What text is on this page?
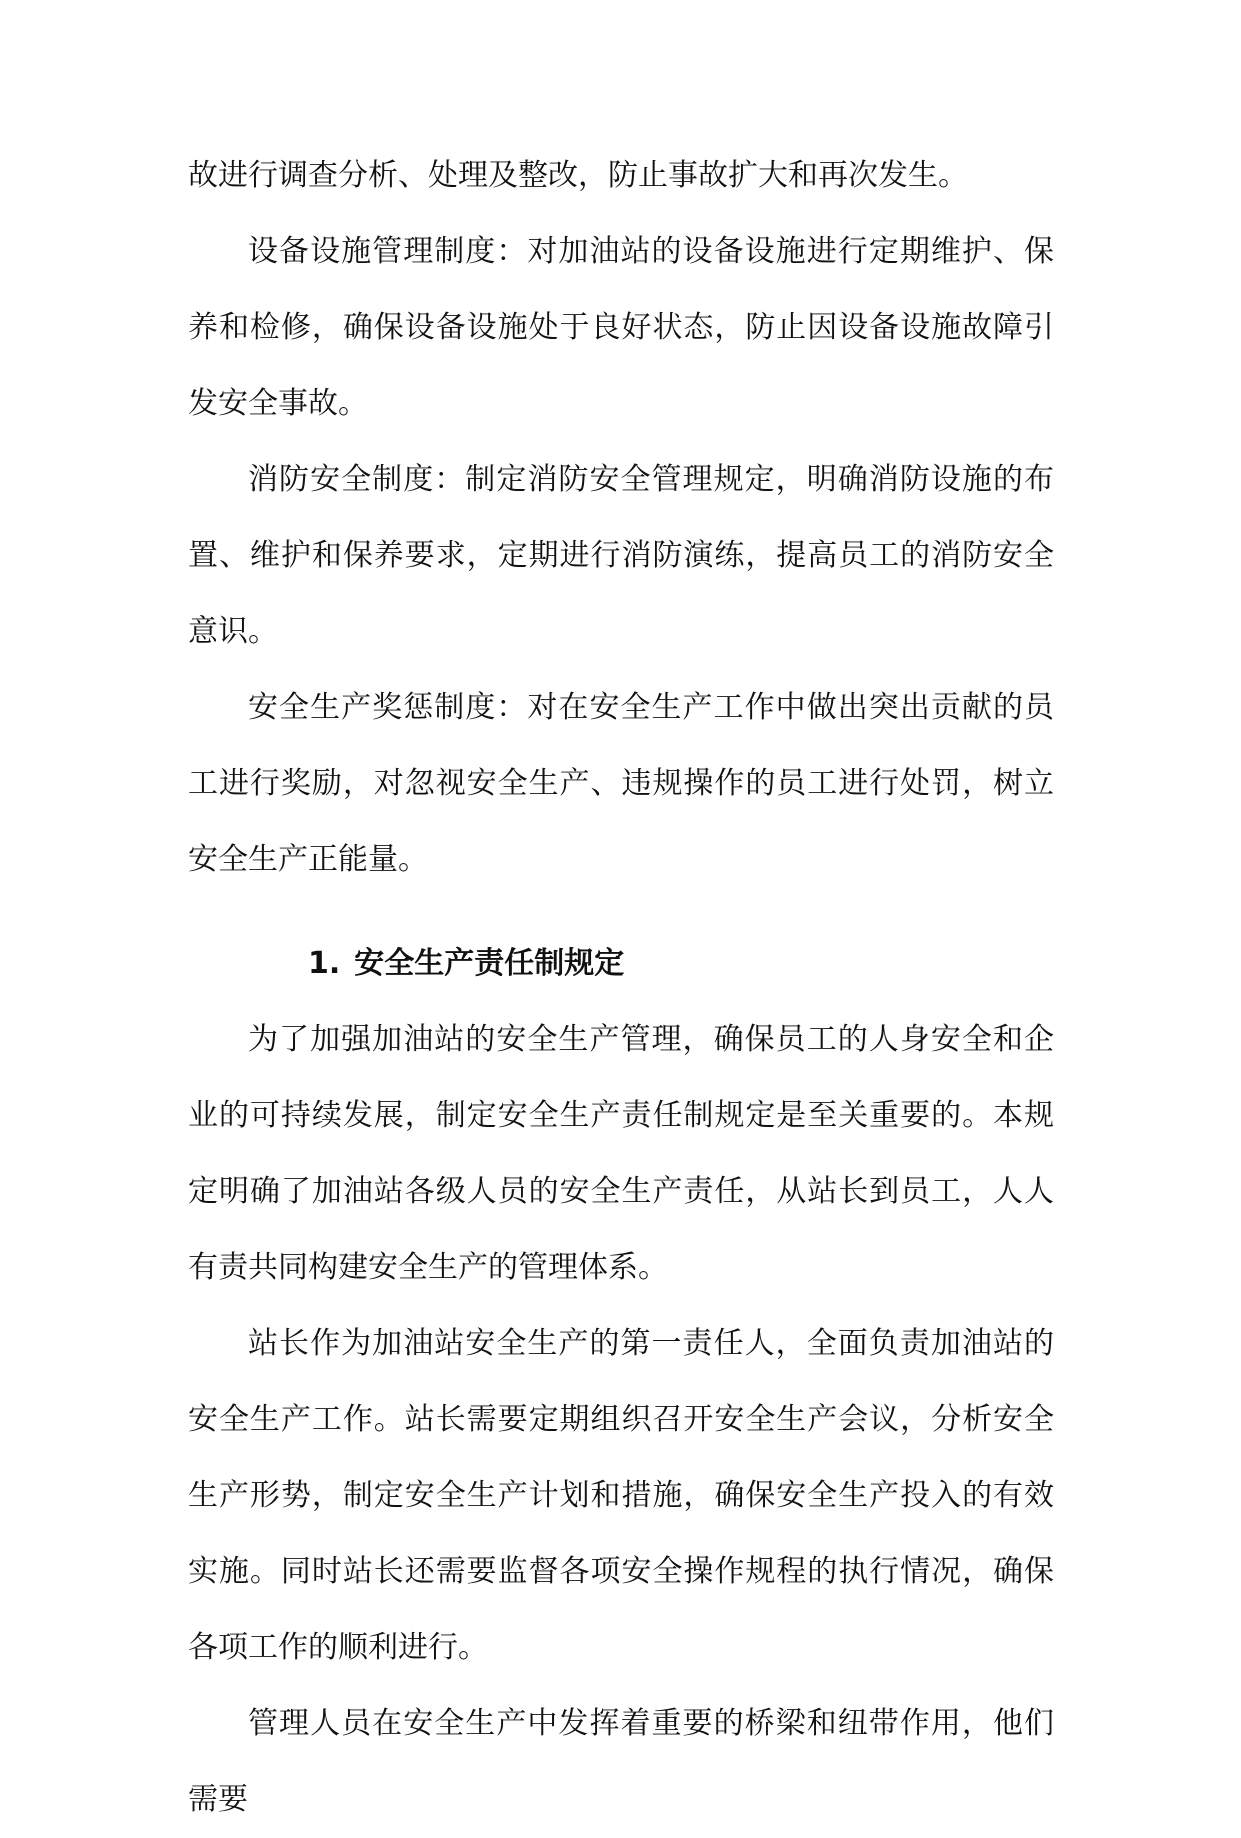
故进行调查分析、处理及整改，防止事故扩大和再次发生。

设备设施管理制度：对加油站的设备设施进行定期维护、保养和检修，确保设备设施处于良好状态，防止因设备设施故障引发安全事故。

消防安全制度：制定消防安全管理规定，明确消防设施的布置、维护和保养要求，定期进行消防演练，提高员工的消防安全意识。

安全生产奖惩制度：对在安全生产工作中做出突出贡献的员工进行奖励，对忽视安全生产、违规操作的员工进行处罚，树立安全生产正能量。

1. 安全生产责任制规定

为了加强加油站的安全生产管理，确保员工的人身安全和企业的可持续发展，制定安全生产责任制规定是至关重要的。本规定明确了加油站各级人员的安全生产责任，从站长到员工，人人有责共同构建安全生产的管理体系。

站长作为加油站安全生产的第一责任人，全面负责加油站的安全生产工作。站长需要定期组织召开安全生产会议，分析安全生产形势，制定安全生产计划和措施，确保安全生产投入的有效实施。同时站长还需要监督各项安全操作规程的执行情况，确保各项工作的顺利进行。

管理人员在安全生产中发挥着重要的桥梁和纽带作用，他们需要
